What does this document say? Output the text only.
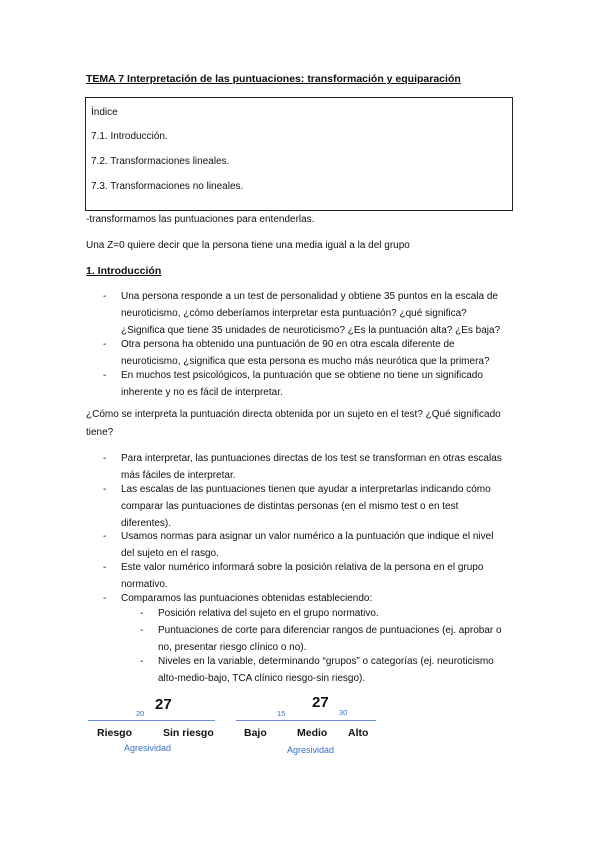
TEMA 7 Interpretación de las puntuaciones: transformación y equiparación
Índice
7.1. Introducción.
7.2. Transformaciones lineales.
7.3. Transformaciones no lineales.
-transformamos las puntuaciones para entenderlas.
Una Z=0 quiere decir que la persona tiene una media igual a la del grupo
1. Introducción
- Una persona responde a un test de personalidad y obtiene 35 puntos en la escala de
neuroticismo, ¿cómo deberíamos interpretar esta puntuación? ¿qué significa?
¿Significa que tiene 35 unidades de neuroticismo? ¿Es la puntuación alta? ¿Es baja?
- Otra persona ha obtenido una puntuación de 90 en otra escala diferente de
neuroticismo, ¿significa que esta persona es mucho más neurótica que la primera?
- En muchos test psicológicos, la puntuación que se obtiene no tiene un significado
inherente y no es fácil de interpretar.
¿Cómo se interpreta la puntuación directa obtenida por un sujeto en el test? ¿Qué significado
tiene?
- Para interpretar, las puntuaciones directas de los test se transforman en otras escalas
más fáciles de interpretar.
- Las escalas de las puntuaciones tienen que ayudar a interpretarlas indicando cómo
comparar las puntuaciones de distintas personas (en el mismo test o en test
diferentes).
- Usamos normas para asignar un valor numérico a la puntuación que indique el nivel
del sujeto en el rasgo.
- Este valor numérico informará sobre la posición relativa de la persona en el grupo
normativo.
- Comparamos las puntuaciones obtenidas estableciendo:
- Posición relativa del sujeto en el grupo normativo.
- Puntuaciones de corte para diferenciar rangos de puntuaciones (ej. aprobar o
no, presentar riesgo clínico o no).
- Niveles en la variable, determinando “grupos” o categorías (ej. neuroticismo
alto-medio-bajo, TCA clínico riesgo-sin riesgo).
27
20
Riesgo	Sin riesgo
Agresividad
27
15	30
Bajo	Medio Alto
Agresividad
